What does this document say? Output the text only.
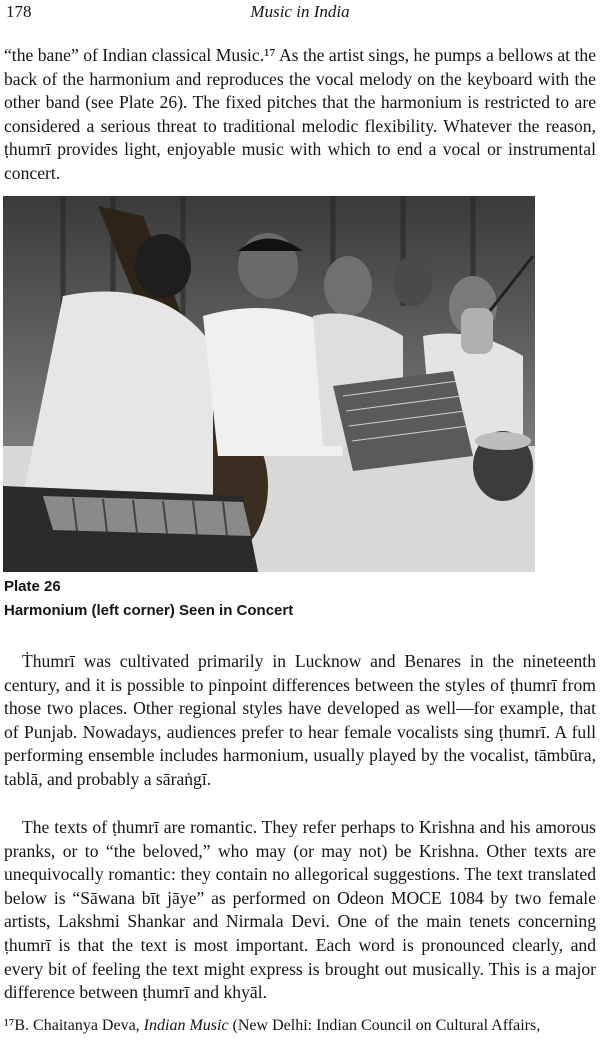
178	Music in India

“the bane” of Indian classical Music.¹⁷ As the artist sings, he pumps a bellows at the back of the harmonium and reproduces the vocal melody on the keyboard with the other band (see Plate 26). The fixed pitches that the harmonium is restricted to are considered a serious threat to traditional melodic flexibility. Whatever the reason, ṭhumrī provides light, enjoyable music with which to end a vocal or instrumental concert.

Plate 26
Harmonium (left corner) Seen in Concert

Ṫhumrī was cultivated primarily in Lucknow and Benares in the nineteenth century, and it is possible to pinpoint differences between the styles of ṭhumrī from those two places. Other regional styles have developed as well—for example, that of Punjab. Nowadays, audiences prefer to hear female vocalists sing ṭhumrī. A full performing ensemble includes harmonium, usually played by the vocalist, tāmbūra, tablā, and probably a sāraṅgī.

The texts of ṭhumrī are romantic. They refer perhaps to Krishna and his amorous pranks, or to “the beloved,” who may (or may not) be Krishna. Other texts are unequivocally romantic: they contain no allegorical suggestions. The text translated below is “Sāwana bīt jāye” as performed on Odeon MOCE 1084 by two female artists, Lakshmi Shankar and Nirmala Devi. One of the main tenets concerning ṭhumrī is that the text is most important. Each word is pronounced clearly, and every bit of feeling the text might express is brought out musically. This is a major difference between ṭhumrī and khyāl.

¹⁷B. Chaitanya Deva, Indian Music (New Delhi: Indian Council on Cultural Affairs,
